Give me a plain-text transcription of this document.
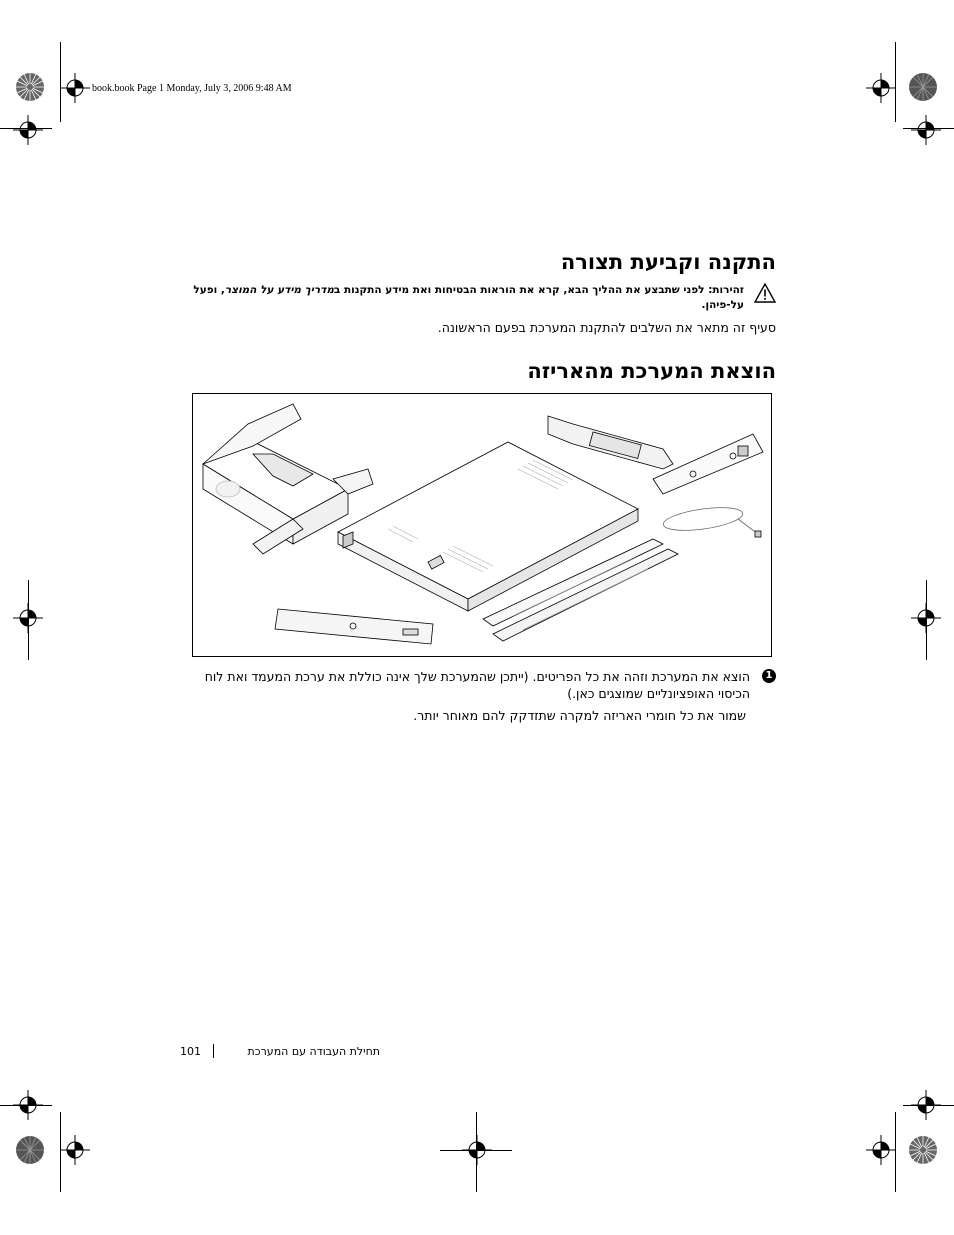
book.book Page 1 Monday, July 3, 2006 9:48 AM
התקנה וקביעת תצורה
זהירות: לפני שתבצע את ההליך הבא, קרא את הוראות הבטיחות ואת מידע התקנות במדריך מידע על המוצר, ופעל על-פיהן.
סעיף זה מתאר את השלבים להתקנת המערכת בפעם הראשונה.
הוצאת המערכת מהאריזה
1
הוצא את המערכת וזהה את כל הפריטים. (ייתכן שהמערכת שלך אינה כוללת את ערכת המעמד ואת לוח הכיסוי האופציונליים שמוצגים כאן.)
שמור את כל חומרי האריזה למקרה שתזדקק להם מאוחר יותר.
101	תחילת העבודה עם המערכת
